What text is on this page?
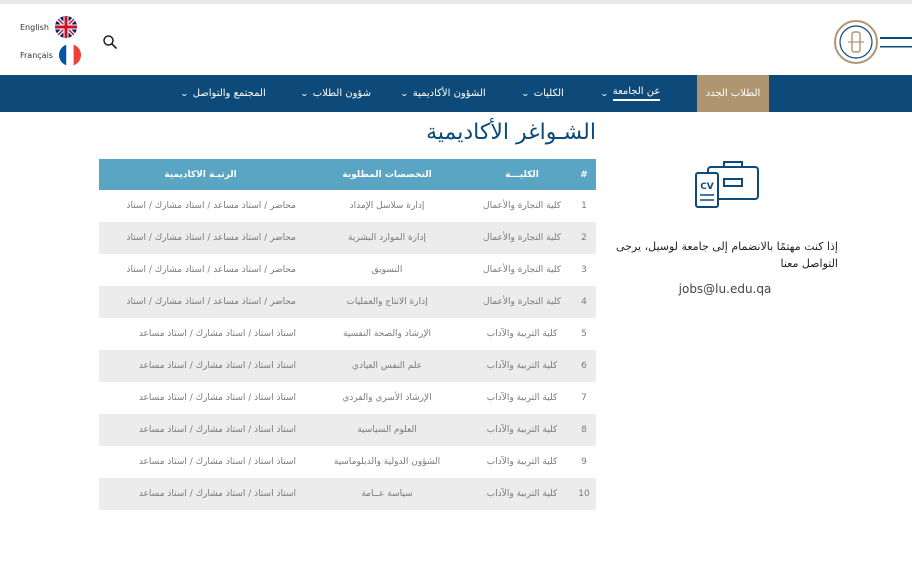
English
Français
⌄ عن الجامعة
⌄ الكليات
⌄ الشؤون الأكاديمية
⌄ شؤون الطلاب
⌄ المجتمع والتواصل	الطلاب الجدد
الشـواغر الأكاديمية
الرتبـة الأكاديمية	التخصصات المطلوبة	الكليـــة	#
محاضر / أستاذ مساعد / أستاذ مشارك / أستاذ	إدارة سلاسل الإمداد	كلية التجارة والأعمال	1
محاضر / أستاذ مساعد / أستاذ مشارك / أستاذ	إدارة الموارد البشرية	كلية التجارة والأعمال	2
محاضر / أستاذ مساعد / أستاذ مشارك / أستاذ	التسويق	كلية التجارة والأعمال	3
محاضر / أستاذ مساعد / أستاذ مشارك / أستاذ	إدارة الانتاج والعمليات	كلية التجارة والأعمال	4
أستاذ أستاذ / أستاذ مشارك / أستاذ مساعد	الإرشاد والصحة النفسية	كلية التربية والآداب	5
أستاذ أستاذ / أستاذ مشارك / أستاذ مساعد	علم النفس العيادي	كلية التربية والآداب	6
أستاذ أستاذ / أستاذ مشارك / أستاذ مساعد	الإرشاد الأسري والفردي	كلية التربية والآداب	7
أستاذ أستاذ / أستاذ مشارك / أستاذ مساعد	العلوم السياسية	كلية التربية والآداب	8
أستاذ أستاذ / أستاذ مشارك / أستاذ مساعد	الشؤون الدولية والدبلوماسية	كلية التربية والآداب	9
أستاذ أستاذ / أستاذ مشارك / أستاذ مساعد	سياسة عــامة	كلية التربية والآداب	10
CV
إذا كنت مهتمًا بالانضمام إلى جامعة لوسيل، يرجى التواصل معنا
jobs@lu.edu.qa
